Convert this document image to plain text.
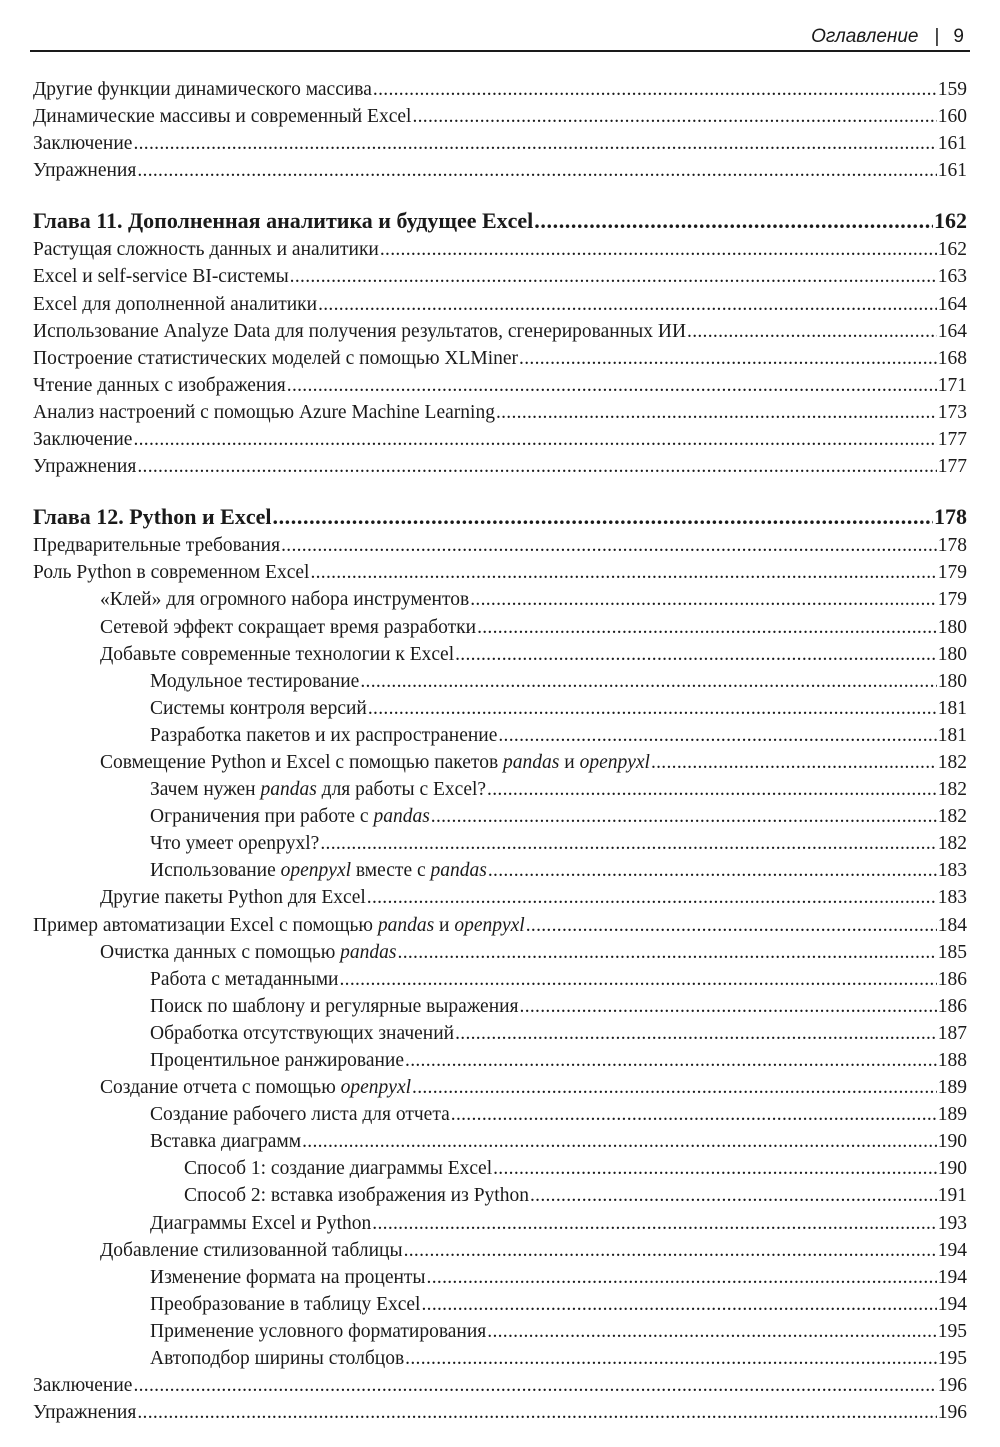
Оглавление | 9
Другие функции динамического массива .....	159
Динамические массивы и современный Excel .....	160
Заключение .....	161
Упражнения .....	161
Глава 11. Дополненная аналитика и будущее Excel .....	162
Растущая сложность данных и аналитики .....	162
Excel и self-service BI-системы .....	163
Excel для дополненной аналитики .....	164
Использование Analyze Data для получения результатов, сгенерированных ИИ .....	164
Построение статистических моделей с помощью XLMiner .....	168
Чтение данных с изображения .....	171
Анализ настроений с помощью Azure Machine Learning .....	173
Заключение .....	177
Упражнения .....	177
Глава 12. Python и Excel .....	178
Предварительные требования .....	178
Роль Python в современном Excel .....	179
«Клей» для огромного набора инструментов .....	179
Сетевой эффект сокращает время разработки .....	180
Добавьте современные технологии к Excel .....	180
Модульное тестирование .....	180
Системы контроля версий .....	181
Разработка пакетов и их распространение .....	181
Совмещение Python и Excel с помощью пакетов pandas и openpyxl .....	182
Зачем нужен pandas для работы с Excel? .....	182
Ограничения при работе с pandas .....	182
Что умеет openpyxl? .....	182
Использование openpyxl вместе с pandas .....	183
Другие пакеты Python для Excel .....	183
Пример автоматизации Excel с помощью pandas и openpyxl .....	184
Очистка данных с помощью pandas .....	185
Работа с метаданными .....	186
Поиск по шаблону и регулярные выражения .....	186
Обработка отсутствующих значений .....	187
Процентильное ранжирование .....	188
Создание отчета с помощью openpyxl .....	189
Создание рабочего листа для отчета .....	189
Вставка диаграмм .....	190
Способ 1: создание диаграммы Excel .....	190
Способ 2: вставка изображения из Python .....	191
Диаграммы Excel и Python .....	193
Добавление стилизованной таблицы .....	194
Изменение формата на проценты .....	194
Преобразование в таблицу Excel .....	194
Применение условного форматирования .....	195
Автоподбор ширины столбцов .....	195
Заключение .....	196
Упражнения .....	196
